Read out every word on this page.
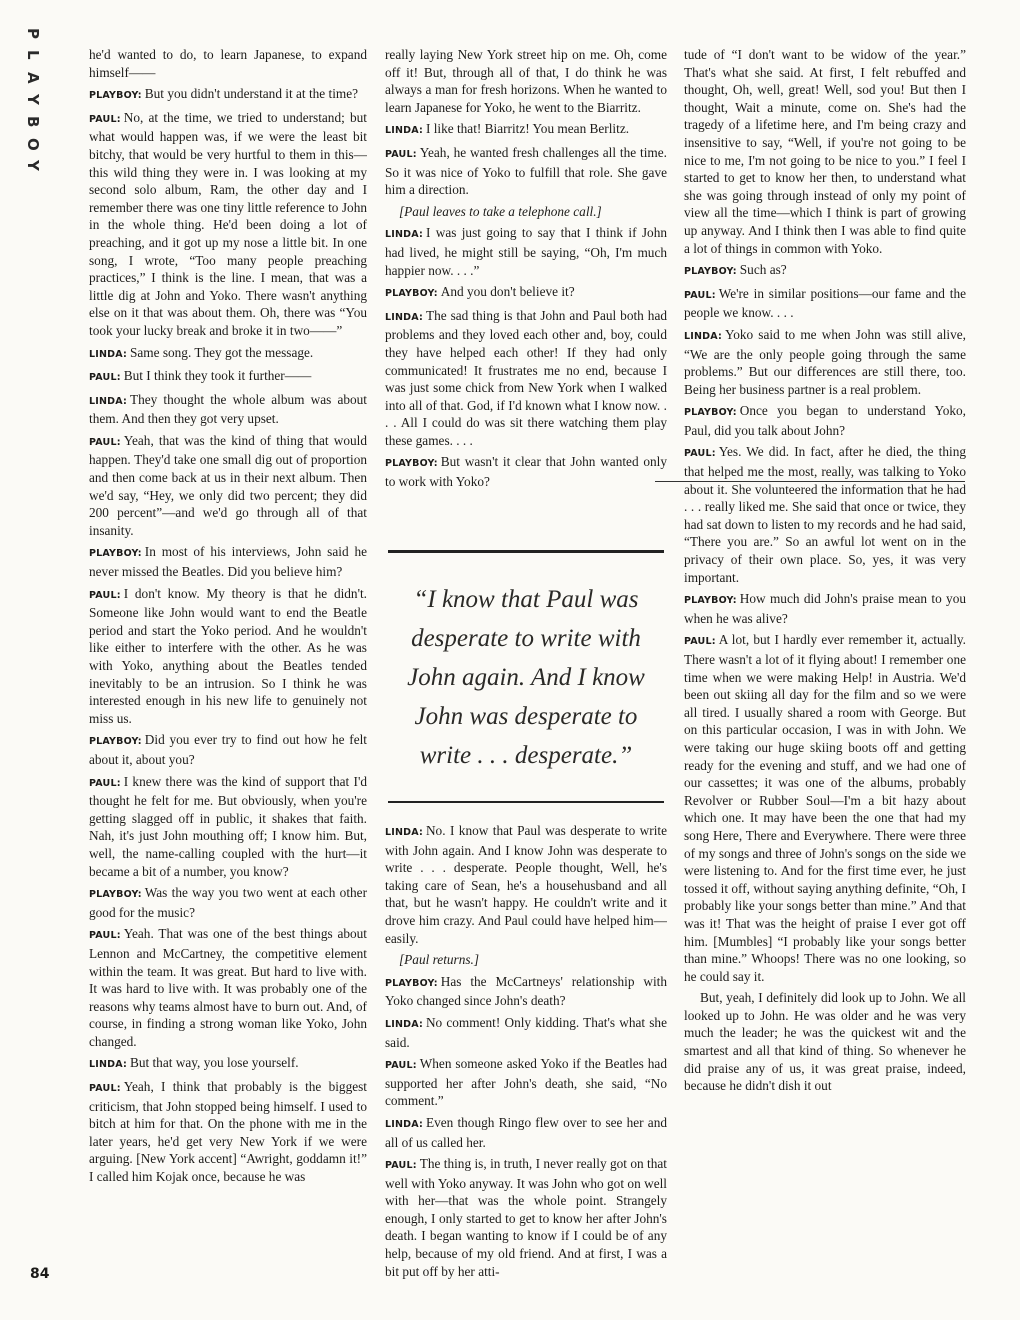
P
L
A
Y
B
O
Y
84

he'd wanted to do, to learn Japanese, to expand himself——

PLAYBOY: But you didn't understand it at the time?

PAUL: No, at the time, we tried to understand; but what would happen was, if we were the least bit bitchy, that would be very hurtful to them in this—this wild thing they were in. I was looking at my second solo album, Ram, the other day and I remember there was one tiny little reference to John in the whole thing. He'd been doing a lot of preaching, and it got up my nose a little bit. In one song, I wrote, “Too many people preaching practices,” I think is the line. I mean, that was a little dig at John and Yoko. There wasn't anything else on it that was about them. Oh, there was “You took your lucky break and broke it in two——”

LINDA: Same song. They got the message.

PAUL: But I think they took it further——

LINDA: They thought the whole album was about them. And then they got very upset.

PAUL: Yeah, that was the kind of thing that would happen. They'd take one small dig out of proportion and then come back at us in their next album. Then we'd say, “Hey, we only did two percent; they did 200 percent”—and we'd go through all of that insanity.

PLAYBOY: In most of his interviews, John said he never missed the Beatles. Did you believe him?

PAUL: I don't know. My theory is that he didn't. Someone like John would want to end the Beatle period and start the Yoko period. And he wouldn't like either to interfere with the other. As he was with Yoko, anything about the Beatles tended inevitably to be an intrusion. So I think he was interested enough in his new life to genuinely not miss us.

PLAYBOY: Did you ever try to find out how he felt about it, about you?

PAUL: I knew there was the kind of support that I'd thought he felt for me. But obviously, when you're getting slagged off in public, it shakes that faith. Nah, it's just John mouthing off; I know him. But, well, the name-calling coupled with the hurt—it became a bit of a number, you know?

PLAYBOY: Was the way you two went at each other good for the music?

PAUL: Yeah. That was one of the best things about Lennon and McCartney, the competitive element within the team. It was great. But hard to live with. It was hard to live with. It was probably one of the reasons why teams almost have to burn out. And, of course, in finding a strong woman like Yoko, John changed.

LINDA: But that way, you lose yourself.

PAUL: Yeah, I think that probably is the biggest criticism, that John stopped being himself. I used to bitch at him for that. On the phone with me in the later years, he'd get very New York if we were arguing. [New York accent] “Awright, goddamn it!” I called him Kojak once, because he was

really laying New York street hip on me. Oh, come off it! But, through all of that, I do think he was always a man for fresh horizons. When he wanted to learn Japanese for Yoko, he went to the Biarritz.

LINDA: I like that! Biarritz! You mean Berlitz.

PAUL: Yeah, he wanted fresh challenges all the time. So it was nice of Yoko to fulfill that role. She gave him a direction.

[Paul leaves to take a telephone call.]

LINDA: I was just going to say that I think if John had lived, he might still be saying, “Oh, I'm much happier now. . . .”

PLAYBOY: And you don't believe it?

LINDA: The sad thing is that John and Paul both had problems and they loved each other and, boy, could they have helped each other! If they had only communicated! It frustrates me no end, because I was just some chick from New York when I walked into all of that. God, if I'd known what I know now. . . . All I could do was sit there watching them play these games. . . .

PLAYBOY: But wasn't it clear that John wanted only to work with Yoko?

“I know that Paul was desperate to write with John again. And I know John was desperate to write . . . desperate.”

LINDA: No. I know that Paul was desperate to write with John again. And I know John was desperate to write . . . desperate. People thought, Well, he's taking care of Sean, he's a househusband and all that, but he wasn't happy. He couldn't write and it drove him crazy. And Paul could have helped him—easily.

[Paul returns.]

PLAYBOY: Has the McCartneys' relationship with Yoko changed since John's death?

LINDA: No comment! Only kidding. That's what she said.

PAUL: When someone asked Yoko if the Beatles had supported her after John's death, she said, “No comment.”

LINDA: Even though Ringo flew over to see her and all of us called her.

PAUL: The thing is, in truth, I never really got on that well with Yoko anyway. It was John who got on well with her—that was the whole point. Strangely enough, I only started to get to know her after John's death. I began wanting to know if I could be of any help, because of my old friend. And at first, I was a bit put off by her atti-

tude of “I don't want to be widow of the year.” That's what she said. At first, I felt rebuffed and thought, Oh, well, great! Well, sod you! But then I thought, Wait a minute, come on. She's had the tragedy of a lifetime here, and I'm being crazy and insensitive to say, “Well, if you're not going to be nice to me, I'm not going to be nice to you.” I feel I started to get to know her then, to understand what she was going through instead of only my point of view all the time—which I think is part of growing up anyway. And I think then I was able to find quite a lot of things in common with Yoko.

PLAYBOY: Such as?

PAUL: We're in similar positions—our fame and the people we know. . . .

LINDA: Yoko said to me when John was still alive, “We are the only people going through the same problems.” But our differences are still there, too. Being her business partner is a real problem.

PLAYBOY: Once you began to understand Yoko, Paul, did you talk about John?

PAUL: Yes. We did. In fact, after he died, the thing that helped me the most, really, was talking to Yoko about it. She volunteered the information that he had . . . really liked me. She said that once or twice, they had sat down to listen to my records and he had said, “There you are.” So an awful lot went on in the privacy of their own place. So, yes, it was very important.

PLAYBOY: How much did John's praise mean to you when he was alive?

PAUL: A lot, but I hardly ever remember it, actually. There wasn't a lot of it flying about! I remember one time when we were making Help! in Austria. We'd been out skiing all day for the film and so we were all tired. I usually shared a room with George. But on this particular occasion, I was in with John. We were taking our huge skiing boots off and getting ready for the evening and stuff, and we had one of our cassettes; it was one of the albums, probably Revolver or Rubber Soul—I'm a bit hazy about which one. It may have been the one that had my song Here, There and Everywhere. There were three of my songs and three of John's songs on the side we were listening to. And for the first time ever, he just tossed it off, without saying anything definite, “Oh, I probably like your songs better than mine.” And that was it! That was the height of praise I ever got off him. [Mumbles] “I probably like your songs better than mine.” Whoops! There was no one looking, so he could say it.

But, yeah, I definitely did look up to John. We all looked up to John. He was older and he was very much the leader; he was the quickest wit and the smartest and all that kind of thing. So whenever he did praise any of us, it was great praise, indeed, because he didn't dish it out
